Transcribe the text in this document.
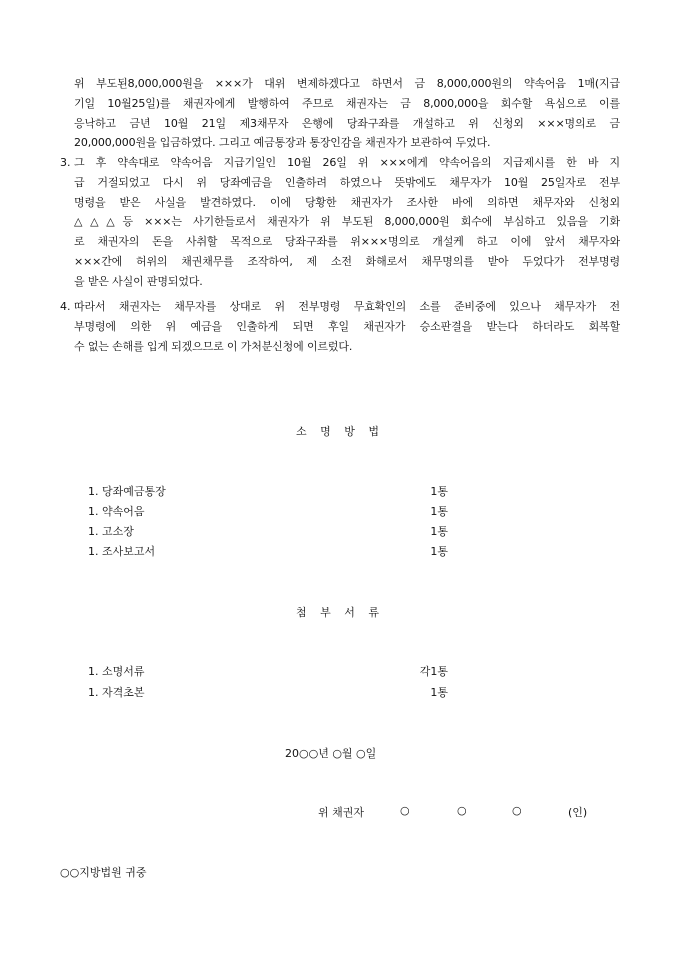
위 부도된8,000,000원을 ×××가 대위 변제하겠다고 하면서 금 8,000,000원의 약속어음 1매(지급
기일 10월25일)를 채권자에게 발행하여 주므로 채권자는 금 8,000,000을 회수할 욕심으로 이를
응낙하고 금년 10월 21일 제3채무자 은행에 당좌구좌를 개설하고 위 신청외 ×××명의로 금
20,000,000원을 입금하였다. 그리고 예금통장과 통장인감을 채권자가 보관하여 두었다.
3. 그 후 약속대로 약속어음 지급기일인 10월 26일 위 ×××에게 약속어음의 지급제시를 한 바 지
급 거절되었고 다시 위 당좌예금을 인출하려 하였으나 뜻밖에도 채무자가 10월 25일자로 전부
명령을 받은 사실을 발견하였다. 이에 당황한 채권자가 조사한 바에 의하면 채무자와 신청외
△△△등 ×××는 사기한들로서 채권자가 위 부도된 8,000,000원 회수에 부심하고 있음을 기화
로 채권자의 돈을 사취할 목적으로 당좌구좌를 위×××명의로 개설케 하고 이에 앞서 채무자와
×××간에 허위의 채권채무를 조작하여, 제 소전 화해로서 채무명의를 받아 두었다가 전부명령
을 받은 사실이 판명되었다.
4. 따라서 채권자는 채무자를 상대로 위 전부명령 무효확인의 소를 준비중에 있으나 채무자가 전
부명령에 의한 위 예금을 인출하게 되면 후일 채권자가 승소판결을 받는다 하더라도 회복할
수 없는 손해를 입게 되겠으므로 이 가처분신청에 이르렀다.
소 명 방 법
1. 당좌예금통장	1통
1. 약속어음	1통
1. 고소장	1통
1. 조사보고서	1통
첨 부 서 류
1. 소명서류	각1통
1. 자격초본	1통
20○○년 ○월 ○일
위 채권자	○	○	○	(인)
○○지방법원 귀중
